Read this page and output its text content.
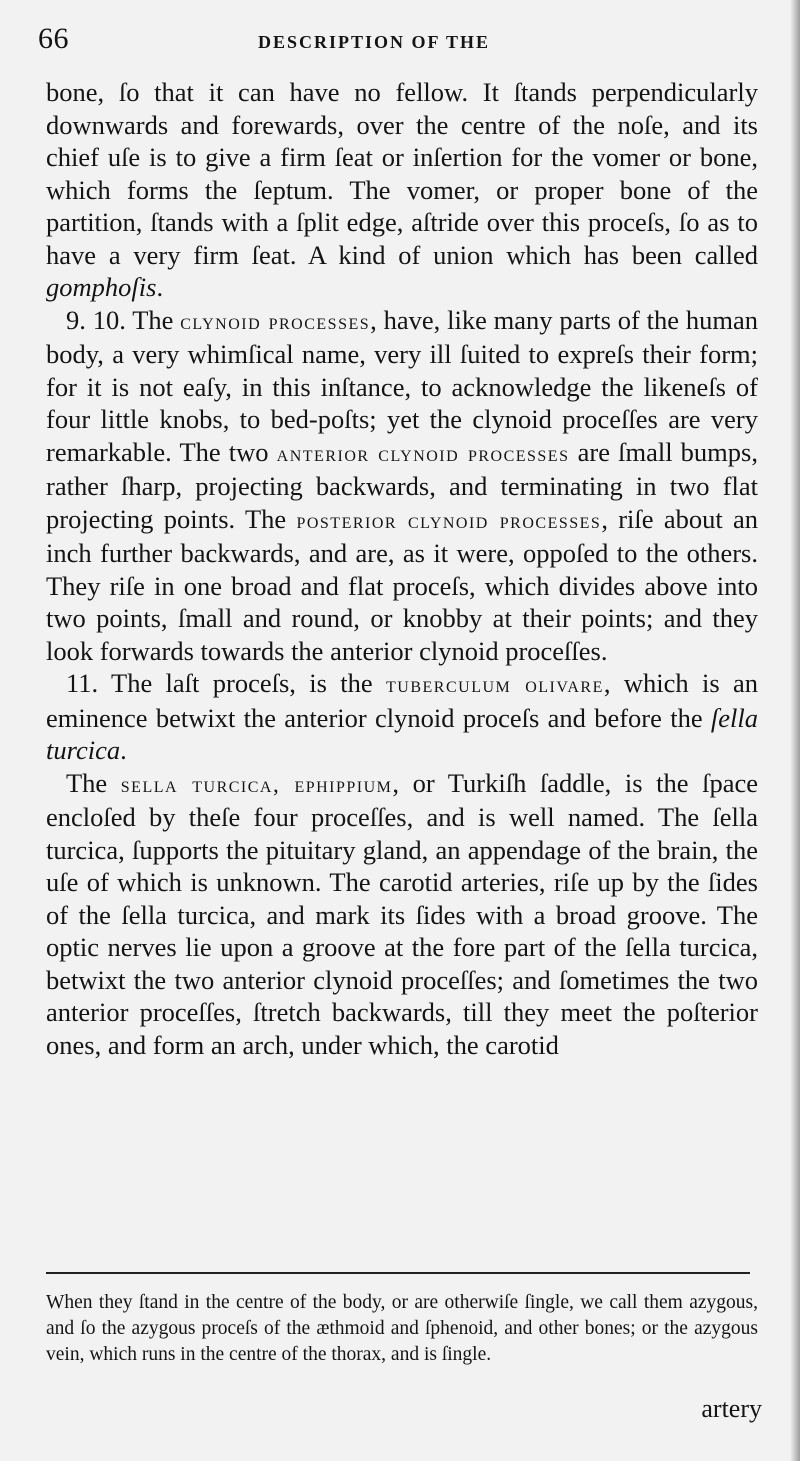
66	DESCRIPTION OF THE

bone, ſo that it can have no fellow. It ſtands perpendicularly downwards and forewards, over the centre of the noſe, and its chief uſe is to give a firm ſeat or inſertion for the vomer or bone, which forms the ſeptum. The vomer, or proper bone of the partition, ſtands with a ſplit edge, aſtride over this proceſs, ſo as to have a very firm ſeat. A kind of union which has been called gomphoſis.

9. 10. The clynoid processes, have, like many parts of the human body, a very whimſical name, very ill ſuited to expreſs their form; for it is not eaſy, in this inſtance, to acknowledge the likeneſs of four little knobs, to bed-poſts; yet the clynoid proceſſes are very remarkable. The two anterior clynoid processes are ſmall bumps, rather ſharp, projecting backwards, and terminating in two flat projecting points. The posterior clynoid processes, riſe about an inch further backwards, and are, as it were, oppoſed to the others. They riſe in one broad and flat proceſs, which divides above into two points, ſmall and round, or knobby at their points; and they look forwards towards the anterior clynoid proceſſes.

11. The laſt proceſs, is the tuberculum olivare, which is an eminence betwixt the anterior clynoid proceſs and before the ſella turcica.

The sella turcica, ephippium, or Turkiſh ſaddle, is the ſpace encloſed by theſe four proceſſes, and is well named. The ſella turcica, ſupports the pituitary gland, an appendage of the brain, the uſe of which is unknown. The carotid arteries, riſe up by the ſides of the ſella turcica, and mark its ſides with a broad groove. The optic nerves lie upon a groove at the fore part of the ſella turcica, betwixt the two anterior clynoid proceſſes; and ſometimes the two anterior proceſſes, ſtretch backwards, till they meet the poſterior ones, and form an arch, under which, the carotid

When they ſtand in the centre of the body, or are otherwiſe ſingle, we call them azygous, and ſo the azygous proceſs of the æthmoid and ſphenoid, and other bones; or the azygous vein, which runs in the centre of the thorax, and is ſingle.

artery
